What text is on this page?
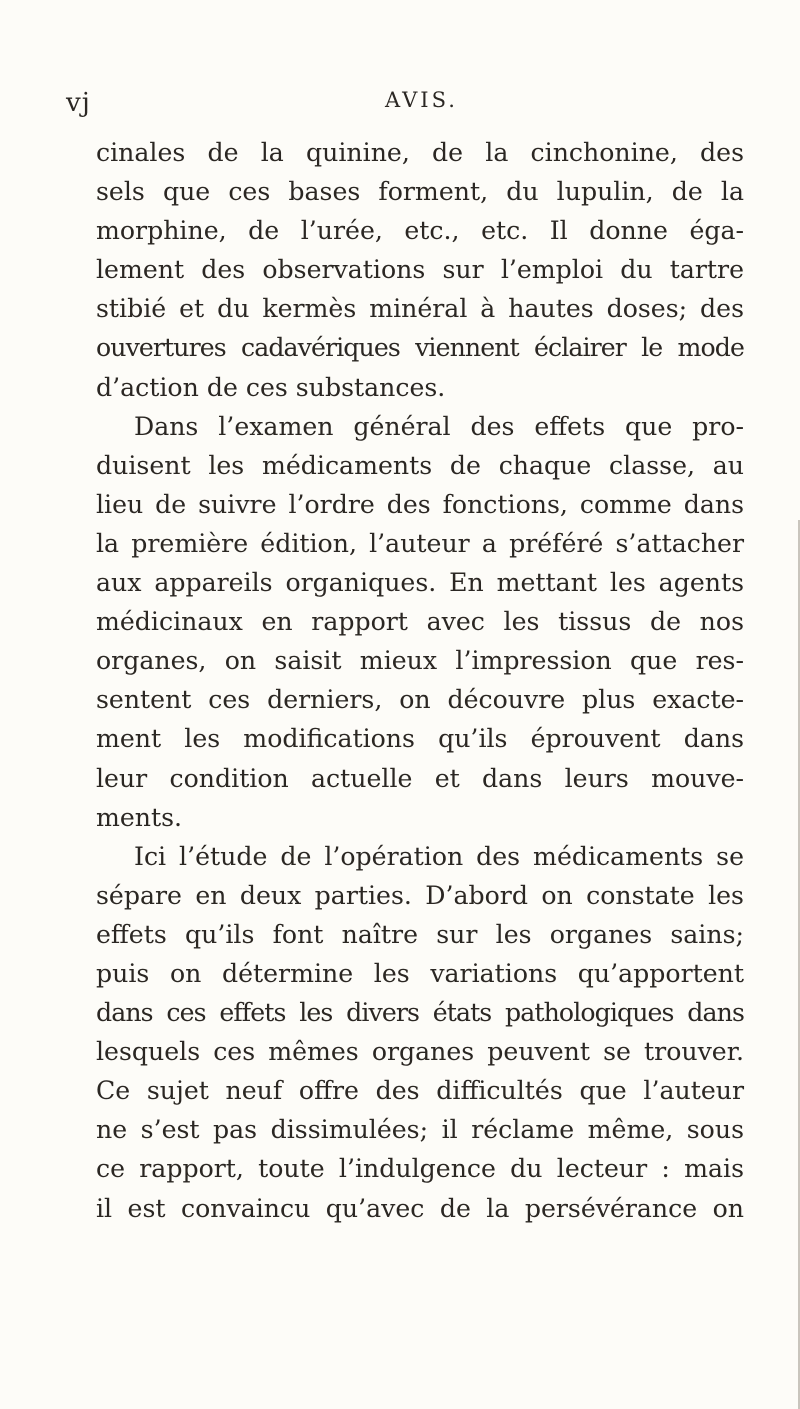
vj	AVIS.
cinales de la quinine, de la cinchonine, des
sels que ces bases forment, du lupulin, de la
morphine, de l’urée, etc., etc. Il donne éga-
lement des observations sur l’emploi du tartre
stibié et du kermès minéral à hautes doses; des
ouvertures cadavériques viennent éclairer le mode
d’action de ces substances.
Dans l’examen général des effets que pro-
duisent les médicaments de chaque classe, au
lieu de suivre l’ordre des fonctions, comme dans
la première édition, l’auteur a préféré s’attacher
aux appareils organiques. En mettant les agents
médicinaux en rapport avec les tissus de nos
organes, on saisit mieux l’impression que res-
sentent ces derniers, on découvre plus exacte-
ment les modifications qu’ils éprouvent dans
leur condition actuelle et dans leurs mouve-
ments.
Ici l’étude de l’opération des médicaments se
sépare en deux parties. D’abord on constate les
effets qu’ils font naître sur les organes sains;
puis on détermine les variations qu’apportent
dans ces effets les divers états pathologiques dans
lesquels ces mêmes organes peuvent se trouver.
Ce sujet neuf offre des difficultés que l’auteur
ne s’est pas dissimulées; il réclame même, sous
ce rapport, toute l’indulgence du lecteur : mais
il est convaincu qu’avec de la persévérance on
